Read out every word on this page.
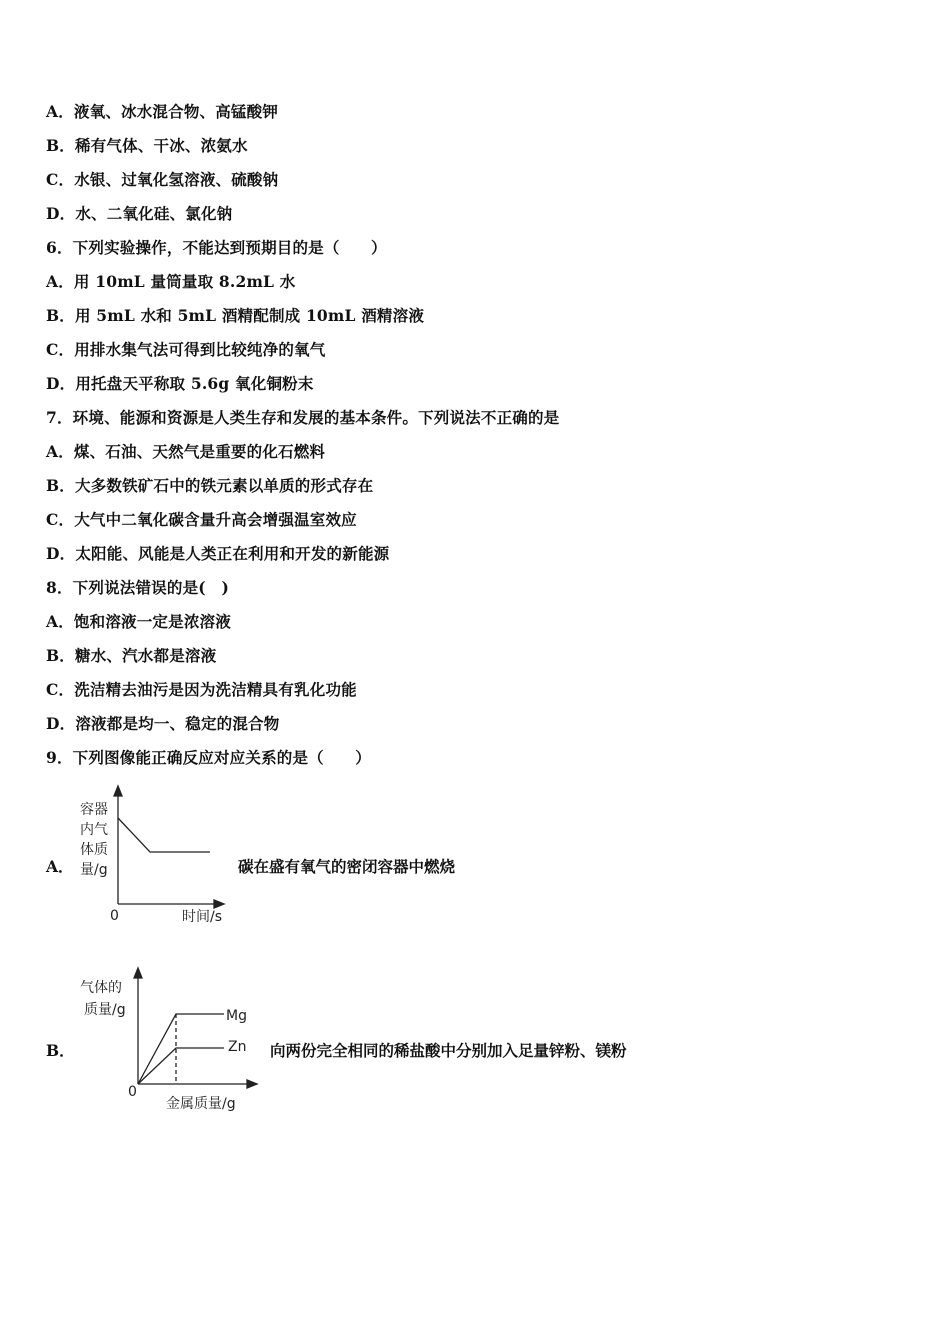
A．液氧、冰水混合物、高锰酸钾
B．稀有气体、干冰、浓氨水
C．水银、过氧化氢溶液、硫酸钠
D．水、二氧化硅、氯化钠
6．下列实验操作，不能达到预期目的是（　　）
A．用 10mL 量筒量取 8.2mL 水
B．用 5mL 水和 5mL 酒精配制成 10mL 酒精溶液
C．用排水集气法可得到比较纯净的氧气
D．用托盘天平称取 5.6g 氧化铜粉末
7．环境、能源和资源是人类生存和发展的基本条件。下列说法不正确的是
A．煤、石油、天然气是重要的化石燃料
B．大多数铁矿石中的铁元素以单质的形式存在
C．大气中二氧化碳含量升高会增强温室效应
D．太阳能、风能是人类正在利用和开发的新能源
8．下列说法错误的是(　)
A．饱和溶液一定是浓溶液
B．糖水、汽水都是溶液
C．洗洁精去油污是因为洗洁精具有乳化功能
D．溶液都是均一、稳定的混合物
9．下列图像能正确反应对应关系的是（　　）
A．
容器
内气
体质
量/g
0	时间/s
碳在盛有氧气的密闭容器中燃烧
B．
气体的
质量/g	Mg
Zn
0
金属质量/g
向两份完全相同的稀盐酸中分别加入足量锌粉、镁粉
